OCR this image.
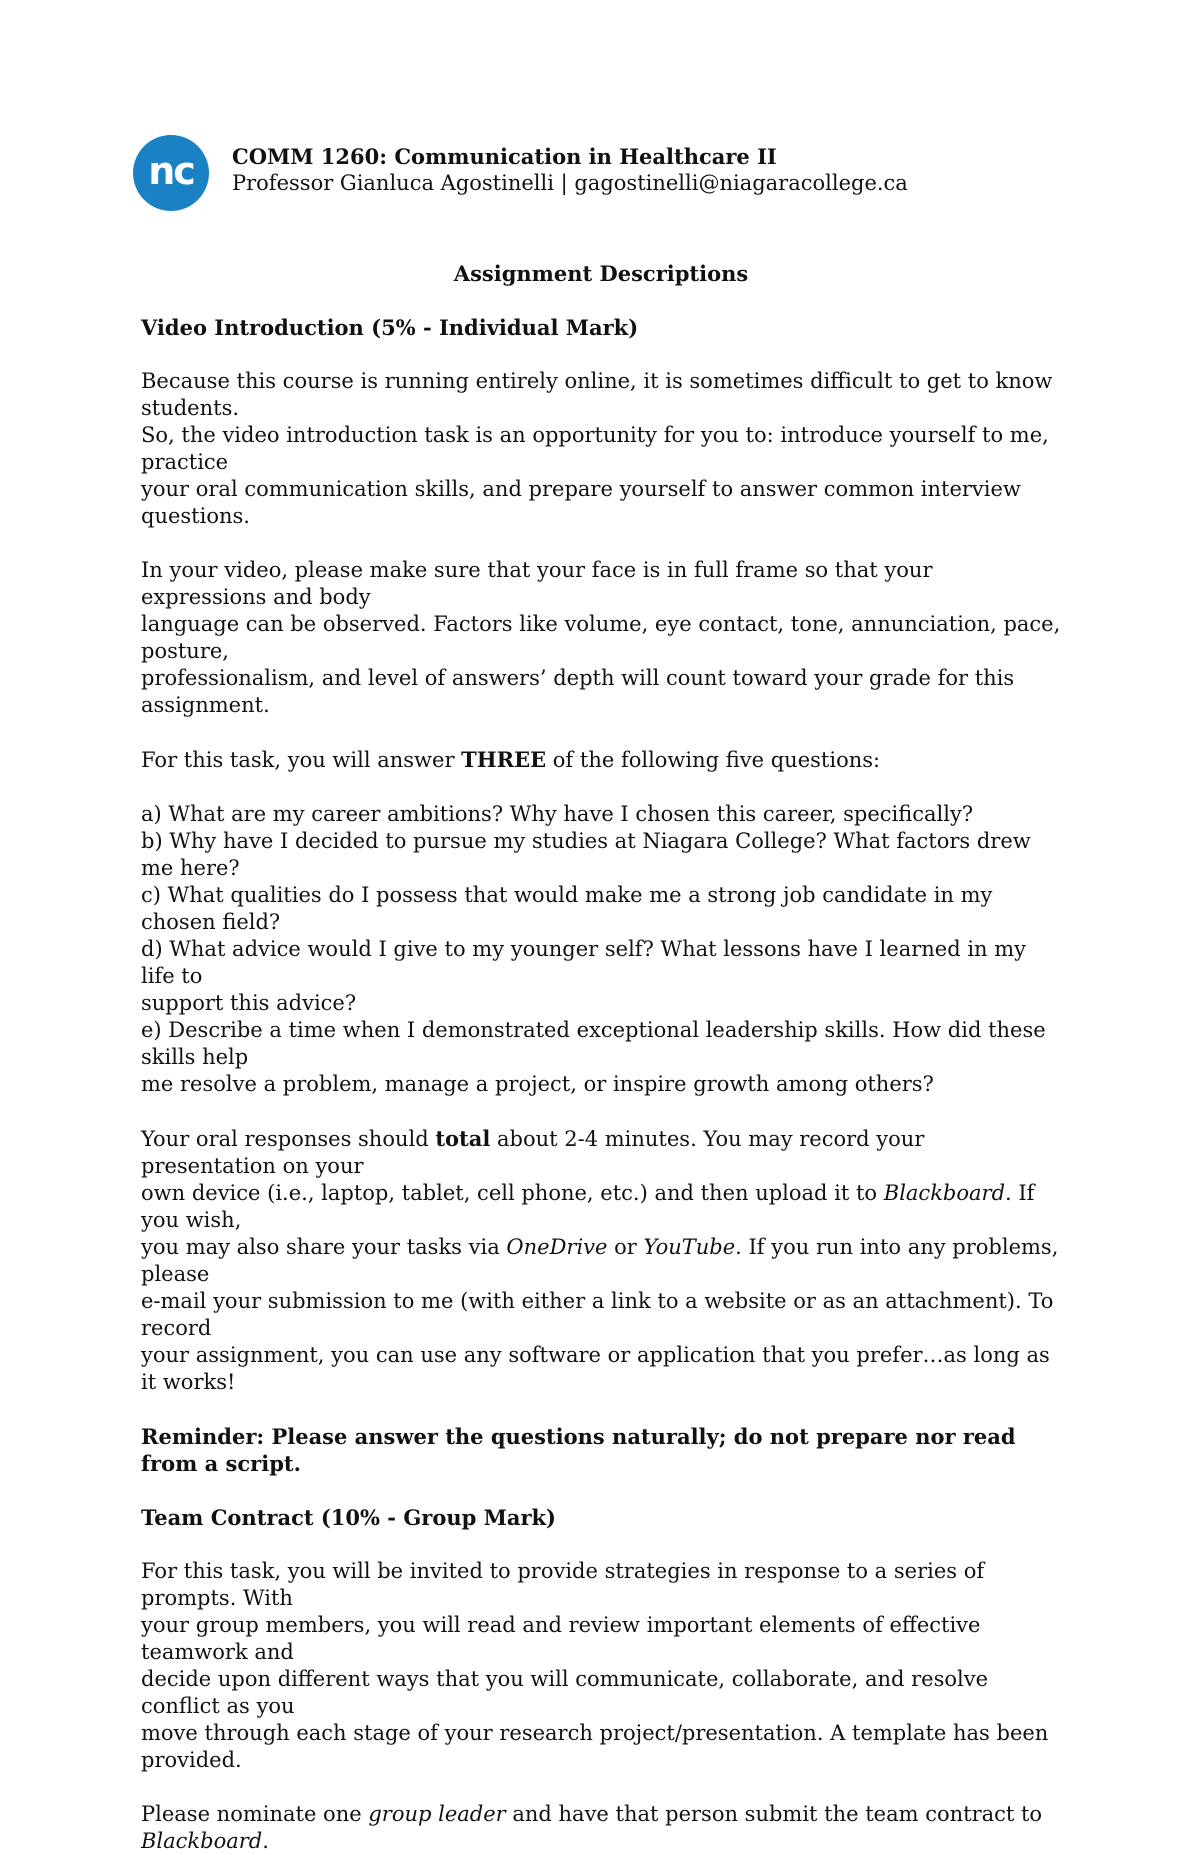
nc COMM 1260: Communication in Healthcare II
Professor Gianluca Agostinelli | gagostinelli@niagaracollege.ca

Assignment Descriptions

Video Introduction (5% - Individual Mark)

Because this course is running entirely online, it is sometimes difficult to get to know students.

So, the video introduction task is an opportunity for you to: introduce yourself to me, practice

your oral communication skills, and prepare yourself to answer common interview questions.

In your video, please make sure that your face is in full frame so that your expressions and body

language can be observed. Factors like volume, eye contact, tone, annunciation, pace, posture,

professionalism, and level of answers’ depth will count toward your grade for this assignment.

For this task, you will answer THREE of the following five questions:

a) What are my career ambitions? Why have I chosen this career, specifically?

b) Why have I decided to pursue my studies at Niagara College? What factors drew me here?

c) What qualities do I possess that would make me a strong job candidate in my chosen field?

d) What advice would I give to my younger self? What lessons have I learned in my life to

support this advice?

e) Describe a time when I demonstrated exceptional leadership skills. How did these skills help

me resolve a problem, manage a project, or inspire growth among others?

Your oral responses should total about 2-4 minutes. You may record your presentation on your

own device (i.e., laptop, tablet, cell phone, etc.) and then upload it to Blackboard. If you wish,

you may also share your tasks via OneDrive or YouTube. If you run into any problems, please

e-mail your submission to me (with either a link to a website or as an attachment). To record

your assignment, you can use any software or application that you prefer…as long as it works!

Reminder: Please answer the questions naturally; do not prepare nor read from a script.

Team Contract (10% - Group Mark)

For this task, you will be invited to provide strategies in response to a series of prompts. With

your group members, you will read and review important elements of effective teamwork and

decide upon different ways that you will communicate, collaborate, and resolve conflict as you

move through each stage of your research project/presentation. A template has been provided.

Please nominate one group leader and have that person submit the team contract to Blackboard.
